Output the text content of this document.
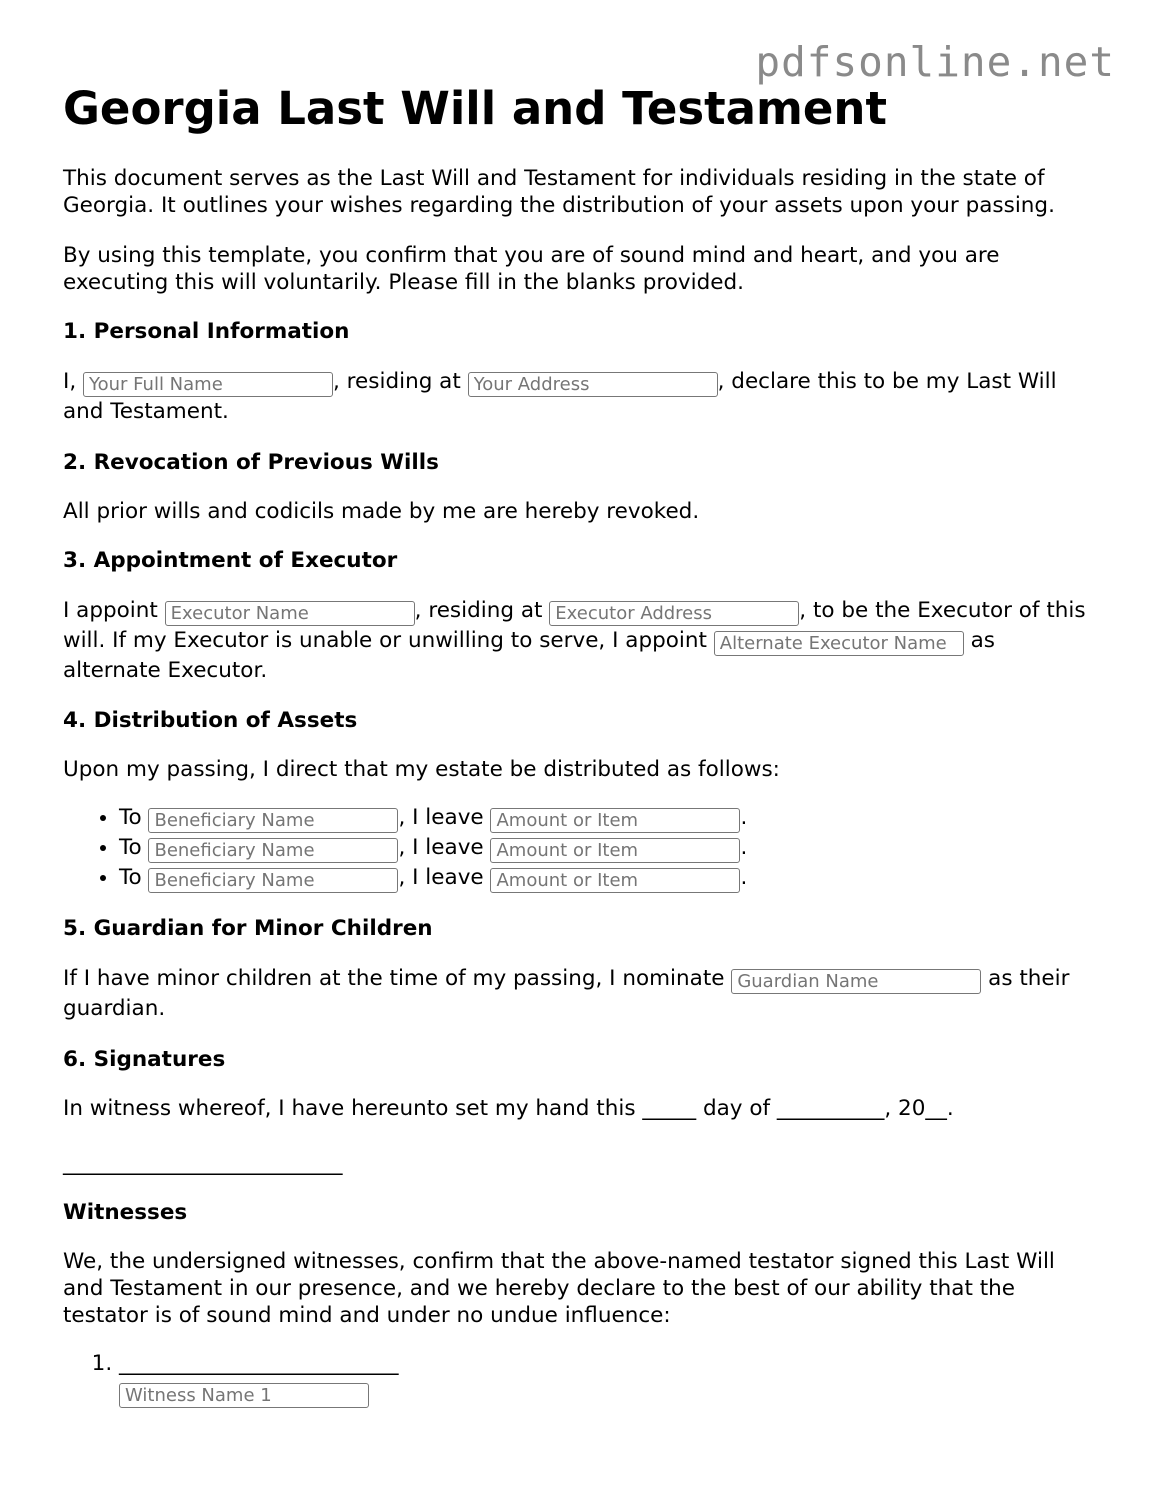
pdfsonline.net
Georgia Last Will and Testament

This document serves as the Last Will and Testament for individuals residing in the state of Georgia. It outlines your wishes regarding the distribution of your assets upon your passing.

By using this template, you confirm that you are of sound mind and heart, and you are executing this will voluntarily. Please fill in the blanks provided.

1. Personal Information

I, Your Full Name	, residing at Your Address	, declare this to be my Last Will and Testament.

2. Revocation of Previous Wills

All prior wills and codicils made by me are hereby revoked.

3. Appointment of Executor

I appoint Executor Name	, residing at Executor Address	, to be the Executor of this will. If my Executor is unable or unwilling to serve, I appoint Alternate Executor Name	as alternate Executor.

4. Distribution of Assets

Upon my passing, I direct that my estate be distributed as follows:

• To Beneficiary Name	, I leave Amount or Item	.
• To Beneficiary Name	, I leave Amount or Item	.
• To Beneficiary Name	, I leave Amount or Item	.
5. Guardian for Minor Children

If I have minor children at the time of my passing, I nominate Guardian Name	as their guardian.

6. Signatures

In witness whereof, I have hereunto set my hand this _____ day of __________, 20__.

__________________________

Witnesses

We, the undersigned witnesses, confirm that the above-named testator signed this Last Will and Testament in our presence, and we hereby declare to the best of our ability that the testator is of sound mind and under no undue influence:

1. __________________________
Witness Name 1
